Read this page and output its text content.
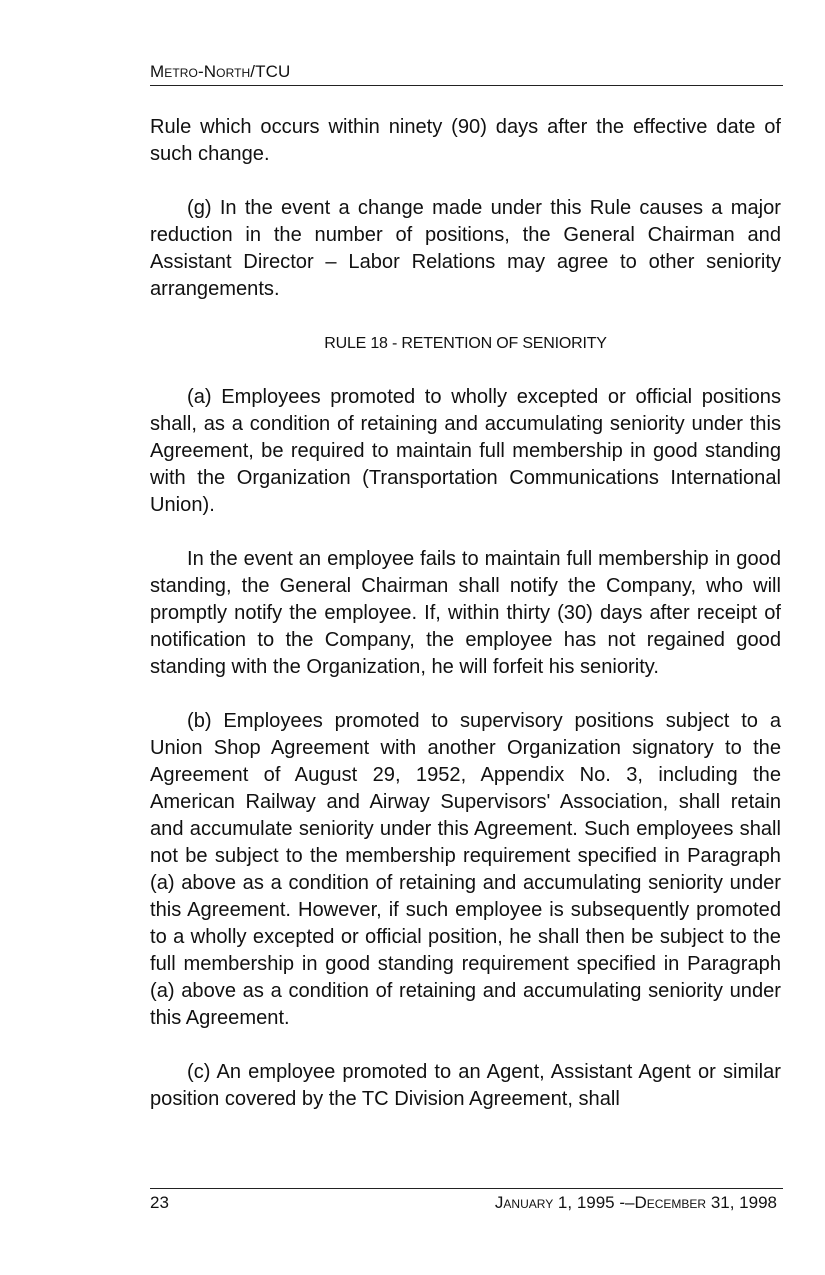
Metro-North/TCU

Rule which occurs within ninety (90) days after the effective date of such change.

(g) In the event a change made under this Rule causes a major reduction in the number of positions, the General Chairman and Assistant Director – Labor Relations may agree to other seniority arrangements.

RULE 18 - RETENTION OF SENIORITY

(a) Employees promoted to wholly excepted or official positions shall, as a condition of retaining and accumulating seniority under this Agreement, be required to maintain full membership in good standing with the Organization (Transportation Communications International Union).

In the event an employee fails to maintain full membership in good standing, the General Chairman shall notify the Company, who will promptly notify the employee. If, within thirty (30) days after receipt of notification to the Company, the employee has not regained good standing with the Organization, he will forfeit his seniority.

(b) Employees promoted to supervisory positions subject to a Union Shop Agreement with another Organization signatory to the Agreement of August 29, 1952, Appendix No. 3, including the American Railway and Airway Supervisors' Association, shall retain and accumulate seniority under this Agreement. Such employees shall not be subject to the membership requirement specified in Paragraph (a) above as a condition of retaining and accumulating seniority under this Agreement. However, if such employee is subsequently promoted to a wholly excepted or official position, he shall then be subject to the full membership in good standing requirement specified in Paragraph (a) above as a condition of retaining and accumulating seniority under this Agreement.

(c) An employee promoted to an Agent, Assistant Agent or similar position covered by the TC Division Agreement, shall

23	January 1, 1995 -–December 31, 1998
